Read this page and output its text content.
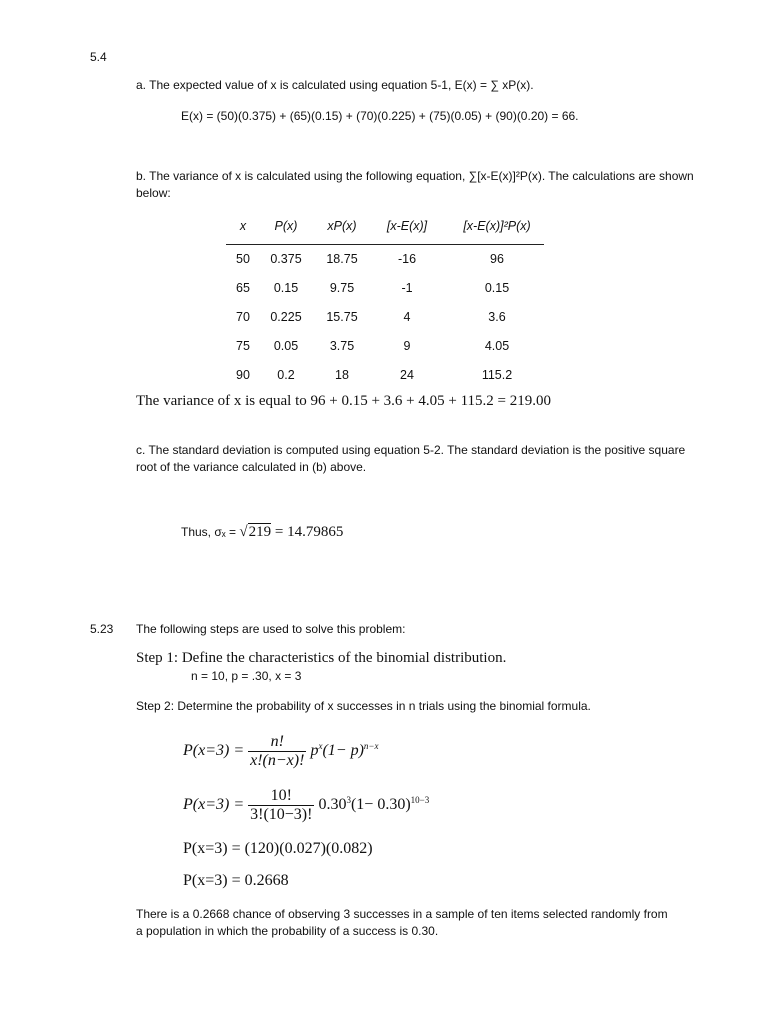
5.4
a. The expected value of x is calculated using equation 5-1, E(x) = ∑ xP(x).
E(x) = (50)(0.375) + (65)(0.15) + (70)(0.225) + (75)(0.05) + (90)(0.20) = 66.
b. The variance of x is calculated using the following equation, ∑[x-E(x)]²P(x). The calculations are shown below:
x	P(x)	xP(x)	[x-E(x)]	[x-E(x)]²P(x)
50	0.375	18.75	-16	96
65	0.15	9.75	-1	0.15
70	0.225	15.75	4	3.6
75	0.05	3.75	9	4.05
90	0.2	18	24	115.2
The variance of x is equal to 96 + 0.15 + 3.6 + 4.05 + 115.2 = 219.00
c. The standard deviation is computed using equation 5-2. The standard deviation is the positive square root of the variance calculated in (b) above.
Thus, σₓ = √219 = 14.79865
5.23 The following steps are used to solve this problem:
Step 1: Define the characteristics of the binomial distribution.
n = 10, p = .30, x = 3
Step 2: Determine the probability of x successes in n trials using the binomial formula.
$P(x=3) = \frac{n!}{x!(n-x)!} p^x(1- p)^{n-x}$
$P(x=3) = \frac{10!}{3!(10-3)!} 0.30^3(1- 0.30)^{10-3}$
P(x=3) = (120)(0.027)(0.082)
P(x=3) = 0.2668
There is a 0.2668 chance of observing 3 successes in a sample of ten items selected randomly from a population in which the probability of a success is 0.30.
